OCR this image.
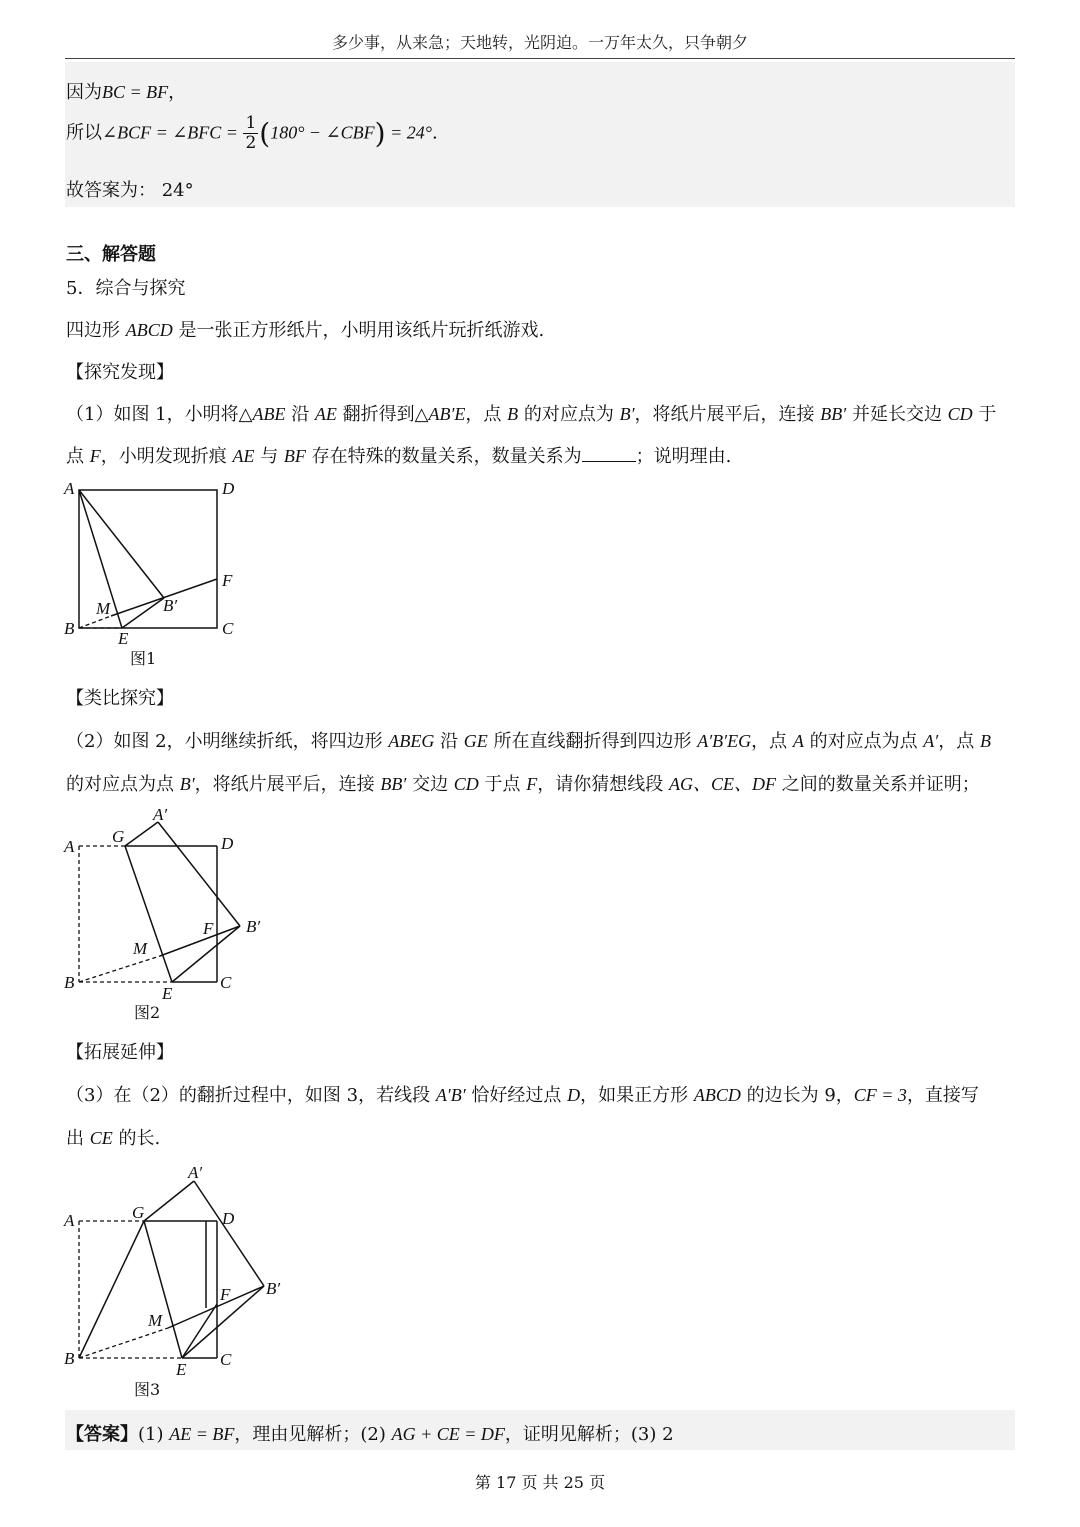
多少事，从来急；天地转，光阴迫。一万年太久，只争朝夕
因为BC = BF，
所以∠BCF = ∠BFC = $\frac{1}{2} (180^\circ$ − ∠CBF) = 24°.
故答案为： 24°
三、解答题
5．综合与探究
四边形 ABCD 是一张正方形纸片，小明用该纸片玩折纸游戏.
【探究发现】
（1）如图 1，小明将△ABE 沿 AE 翻折得到△AB′E，点 B 的对应点为 B′，将纸片展平后，连接 BB′ 并延长交边 CD 于
点 F，小明发现折痕 AE 与 BF 存在特殊的数量关系，数量关系为	；说明理由.
A	D
F
C
B
E
M	B′
图1
【类比探究】
（2）如图 2，小明继续折纸，将四边形 ABEG 沿 GE 所在直线翻折得到四边形 A′B′EG，点 A 的对应点为点 A′，点 B
的对应点为点 B′，将纸片展平后，连接 BB′ 交边 CD 于点 F，请你猜想线段 AG、CE、DF 之间的数量关系并证明；
A
G
A′
D
F B′
M
B
E
C
图2
【拓展延伸】
（3）在（2）的翻折过程中，如图 3，若线段 A′B′ 恰好经过点 D，如果正方形 ABCD 的边长为 9，CF = 3，直接写
出 CE 的长.
A	G
A′
D
F B′
M
B
E
C
图3
【答案】(1) AE = BF，理由见解析；(2) AG + CE = DF，证明见解析；(3) 2
第 17 页 共 25 页
